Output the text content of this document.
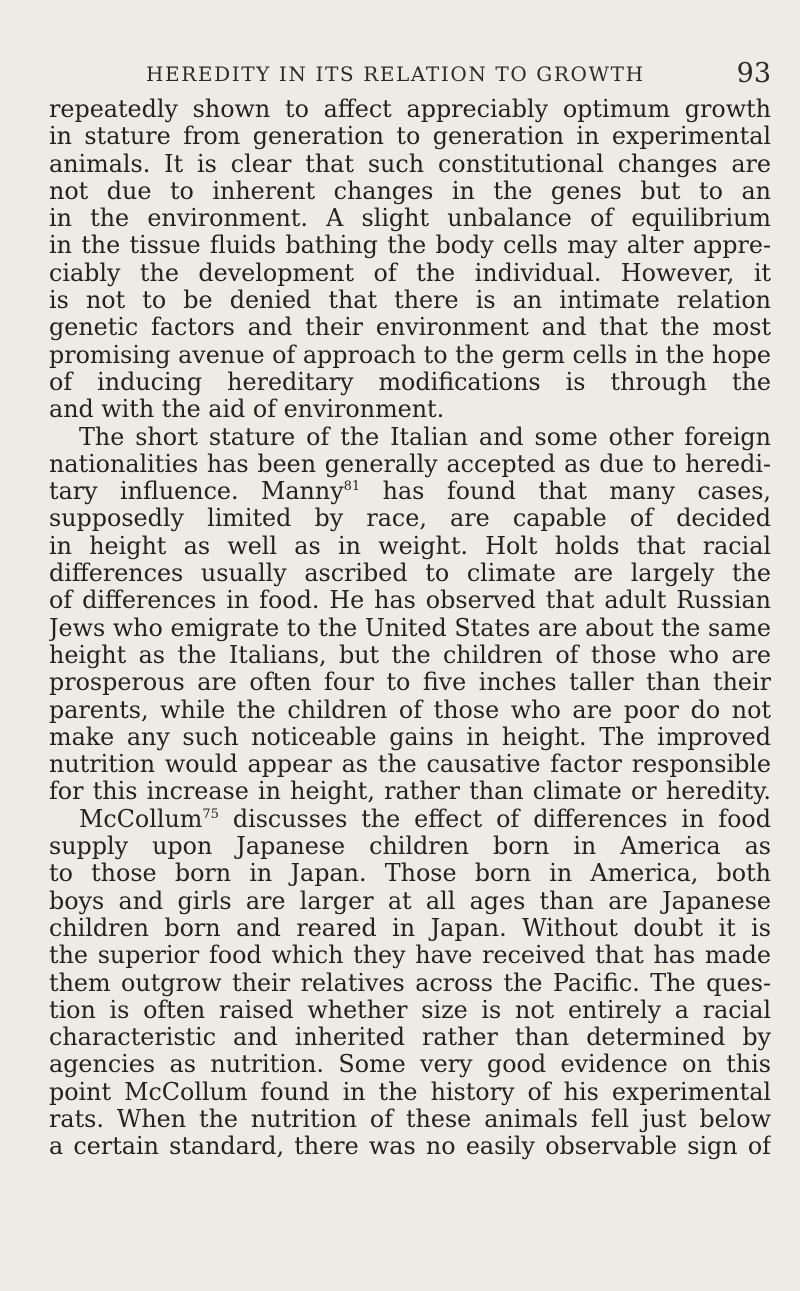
HEREDITY IN ITS RELATION TO GROWTH	93
repeatedly shown to affect appreciably optimum growth
in stature from generation to generation in experimental
animals. It is clear that such constitutional changes are
not due to inherent changes in the genes but to an
in the environment. A slight unbalance of equilibrium
in the tissue fluids bathing the body cells may alter appre-
ciably the development of the individual. However, it
is not to be denied that there is an intimate relation
genetic factors and their environment and that the most
promising avenue of approach to the germ cells in the hope
of inducing hereditary modifications is through the
and with the aid of environment.
The short stature of the Italian and some other foreign
nationalities has been generally accepted as due to heredi-
tary influence. Manny$^{81}$ has found that many cases,
supposedly limited by race, are capable of decided
in height as well as in weight. Holt holds that racial
differences usually ascribed to climate are largely the
of differences in food. He has observed that adult Russian
Jews who emigrate to the United States are about the same
height as the Italians, but the children of those who are
prosperous are often four to five inches taller than their
parents, while the children of those who are poor do not
make any such noticeable gains in height. The improved
nutrition would appear as the causative factor responsible
for this increase in height, rather than climate or heredity.
McCollum$^{75}$ discusses the effect of differences in food
supply upon Japanese children born in America as
to those born in Japan. Those born in America, both
boys and girls are larger at all ages than are Japanese
children born and reared in Japan. Without doubt it is
the superior food which they have received that has made
them outgrow their relatives across the Pacific. The ques-
tion is often raised whether size is not entirely a racial
characteristic and inherited rather than determined by
agencies as nutrition. Some very good evidence on this
point McCollum found in the history of his experimental
rats. When the nutrition of these animals fell just below
a certain standard, there was no easily observable sign of
